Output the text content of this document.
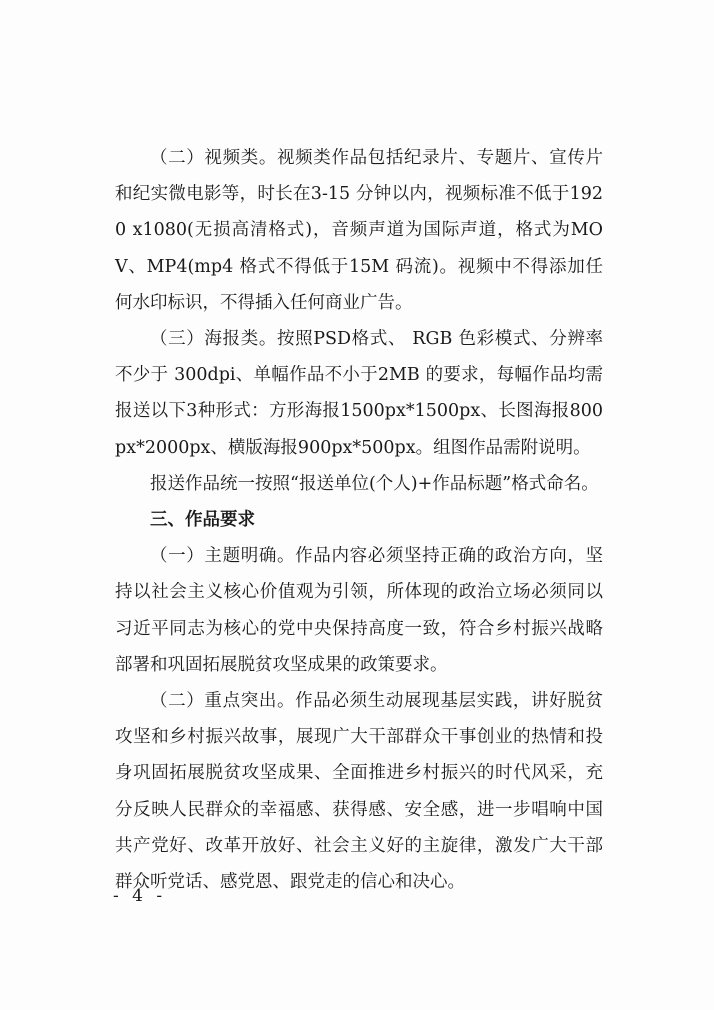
（二）视频类。视频类作品包括纪录片、专题片、宣传片和纪实微电影等，时长在3-15 分钟以内，视频标准不低于1920 x1080(无损高清格式)，音频声道为国际声道，格式为MOV、MP4(mp4 格式不得低于15M 码流)。视频中不得添加任何水印标识，不得插入任何商业广告。

（三）海报类。按照PSD格式、 RGB 色彩模式、分辨率不少于 300dpi、单幅作品不小于2MB 的要求，每幅作品均需报送以下3种形式：方形海报1500px*1500px、长图海报800px*2000px、横版海报900px*500px。组图作品需附说明。

报送作品统一按照“报送单位(个人)+作品标题”格式命名。

三、作品要求

（一）主题明确。作品内容必须坚持正确的政治方向，坚持以社会主义核心价值观为引领，所体现的政治立场必须同以习近平同志为核心的党中央保持高度一致，符合乡村振兴战略部署和巩固拓展脱贫攻坚成果的政策要求。

（二）重点突出。作品必须生动展现基层实践，讲好脱贫攻坚和乡村振兴故事，展现广大干部群众干事创业的热情和投身巩固拓展脱贫攻坚成果、全面推进乡村振兴的时代风采，充分反映人民群众的幸福感、获得感、安全感，进一步唱响中国共产党好、改革开放好、社会主义好的主旋律，激发广大干部群众听党话、感党恩、跟党走的信心和决心。

- 4 -
